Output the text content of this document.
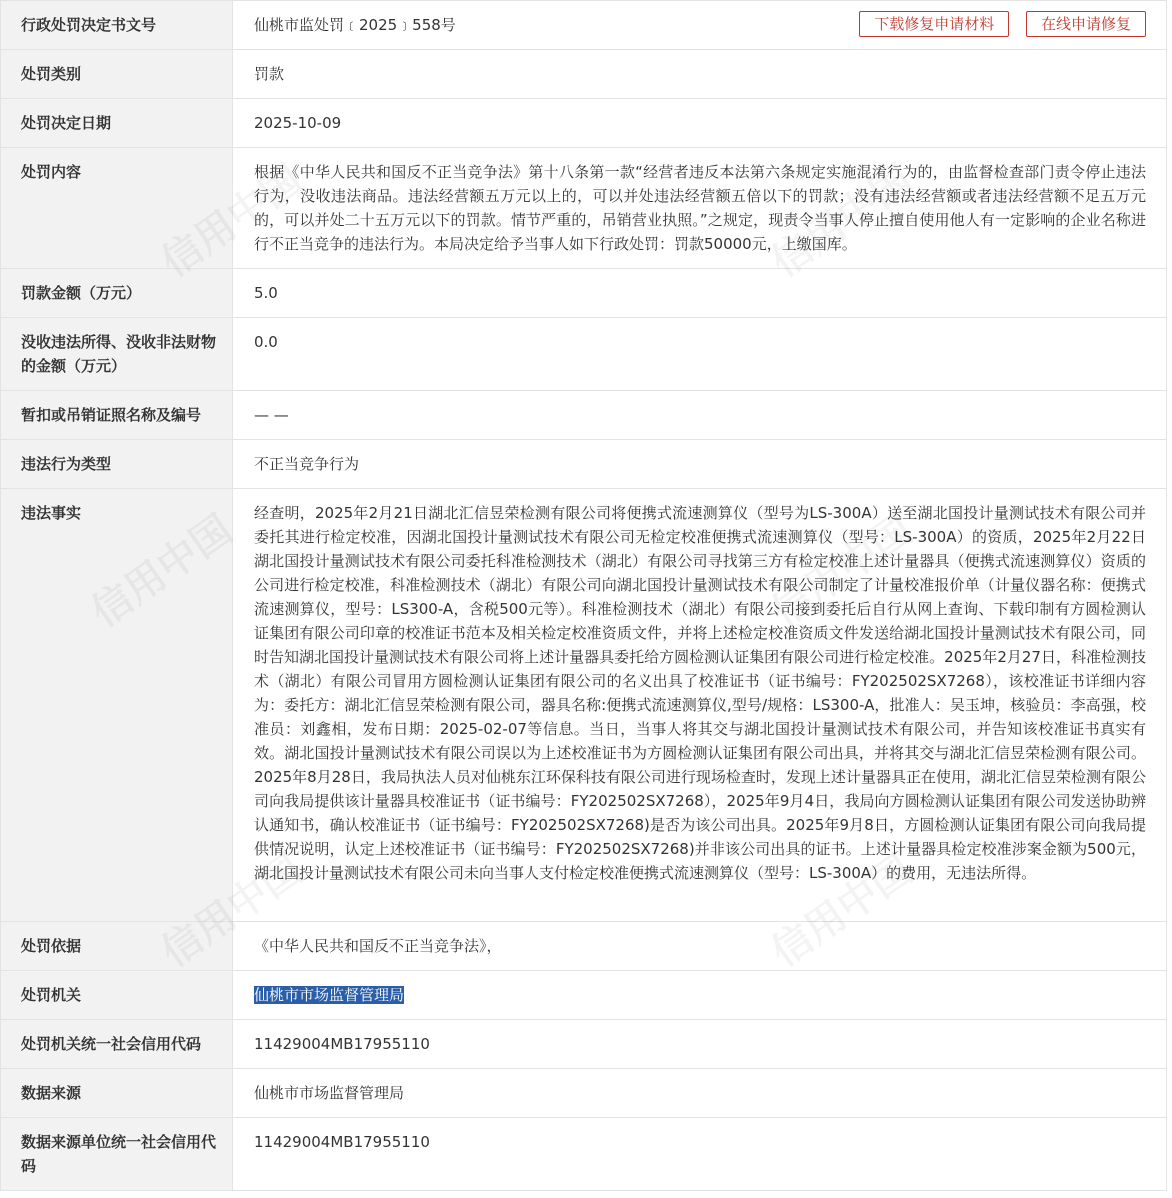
行政处罚决定书文号	仙桃市监处罚﹝2025﹞558号 下载修复申请材料 在线申请修复

处罚类别	罚款
处罚决定日期	2025-10-09
处罚内容	根据《中华人民共和国反不正当竞争法》第十八条第一款“经营者违反本法第六条规定实施混淆行为的，由监督检查部门责令停止违法行为，没收违法商品。违法经营额五万元以上的，可以并处违法经营额五倍以下的罚款；没有违法经营额或者违法经营额不足五万元的，可以并处二十五万元以下的罚款。情节严重的，吊销营业执照。”之规定，现责令当事人停止擅自使用他人有一定影响的企业名称进行不正当竞争的违法行为。本局决定给予当事人如下行政处罚：罚款50000元，上缴国库。
罚款金额（万元）	5.0
没收违法所得、没收非法财物的金额（万元）	0.0
暂扣或吊销证照名称及编号	— —
违法行为类型	不正当竞争行为
违法事实	经查明，2025年2月21日湖北汇信昱荣检测有限公司将便携式流速测算仪（型号为LS-300A）送至湖北国投计量测试技术有限公司并委托其进行检定校准，因湖北国投计量测试技术有限公司无检定校准便携式流速测算仪（型号：LS-300A）的资质，2025年2月22日湖北国投计量测试技术有限公司委托科准检测技术（湖北）有限公司寻找第三方有检定校准上述计量器具（便携式流速测算仪）资质的公司进行检定校准，科准检测技术（湖北）有限公司向湖北国投计量测试技术有限公司制定了计量校准报价单（计量仪器名称：便携式流速测算仪，型号：LS300-A，含税500元等）。科准检测技术（湖北）有限公司接到委托后自行从网上查询、下载印制有方圆检测认证集团有限公司印章的校准证书范本及相关检定校准资质文件，并将上述检定校准资质文件发送给湖北国投计量测试技术有限公司，同时告知湖北国投计量测试技术有限公司将上述计量器具委托给方圆检测认证集团有限公司进行检定校准。2025年2月27日，科准检测技术（湖北）有限公司冒用方圆检测认证集团有限公司的名义出具了校准证书（证书编号：FY202502SX7268），该校准证书详细内容为：委托方：湖北汇信昱荣检测有限公司，器具名称:便携式流速测算仪,型号/规格：LS300-A，批准人：吴玉坤，核验员：李高强，校准员：刘鑫相，发布日期：2025-02-07等信息。当日，当事人将其交与湖北国投计量测试技术有限公司，并告知该校准证书真实有效。湖北国投计量测试技术有限公司误以为上述校准证书为方圆检测认证集团有限公司出具，并将其交与湖北汇信昱荣检测有限公司。2025年8月28日，我局执法人员对仙桃东江环保科技有限公司进行现场检查时，发现上述计量器具正在使用，湖北汇信昱荣检测有限公司向我局提供该计量器具校准证书（证书编号：FY202502SX7268），2025年9月4日，我局向方圆检测认证集团有限公司发送协助辨认通知书，确认校准证书（证书编号：FY202502SX7268)是否为该公司出具。2025年9月8日，方圆检测认证集团有限公司向我局提供情况说明，认定上述校准证书（证书编号：FY202502SX7268)并非该公司出具的证书。上述计量器具检定校准涉案金额为500元，湖北国投计量测试技术有限公司未向当事人支付检定校准便携式流速测算仪（型号：LS-300A）的费用，无违法所得。
处罚依据	《中华人民共和国反不正当竞争法》，
处罚机关	仙桃市市场监督管理局
处罚机关统一社会信用代码	11429004MB17955110
数据来源	仙桃市市场监督管理局
数据来源单位统一社会信用代码	11429004MB17955110
